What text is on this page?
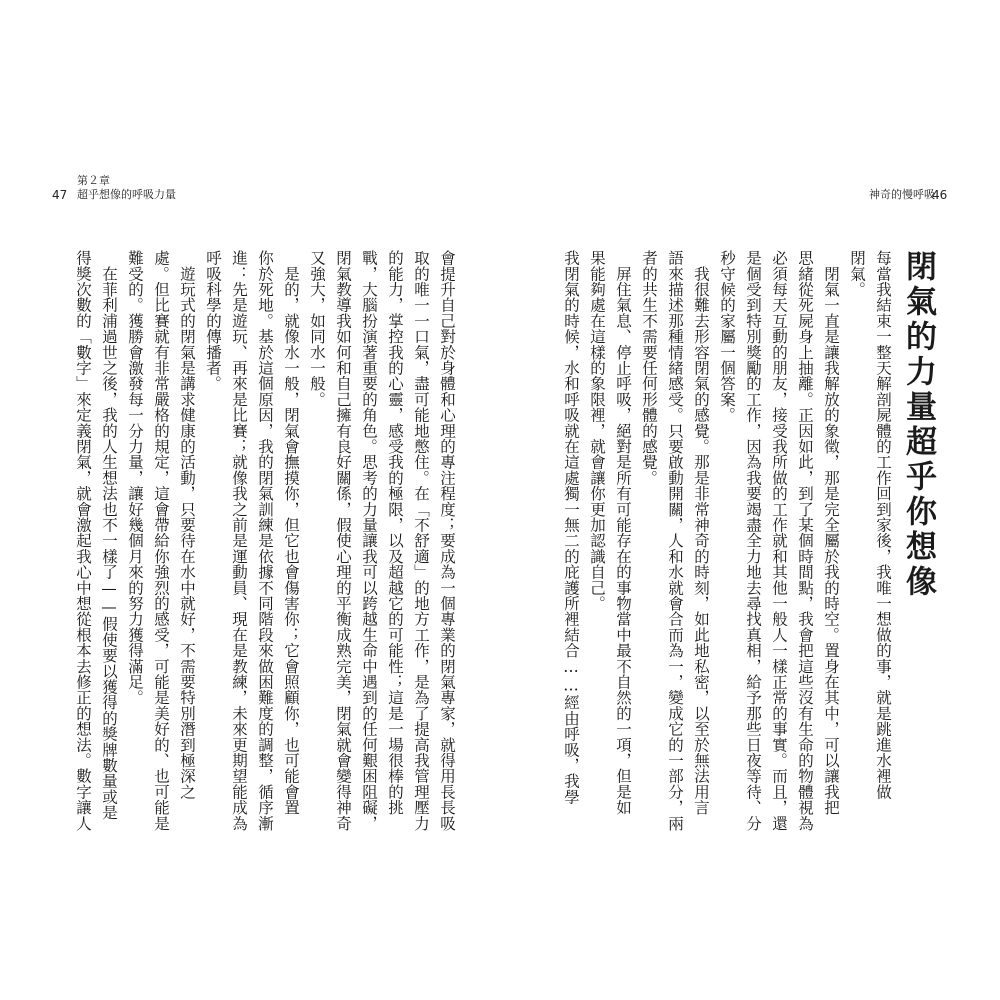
47
第２章
超乎想像的呼吸力量	神奇的慢呼吸
46
閉氣的力量超乎你想像
每當我結束一整天解剖屍體的工作回到家後，我唯一想做的事，就是跳進水裡做
閉氣。
　閉氣一直是讓我解放的象徵，那是完全屬於我的時空。置身在其中，可以讓我把
思緒從死屍身上抽離。正因如此，到了某個時間點，我會把這些沒有生命的物體視為
必須每天互動的朋友，接受我所做的工作就和其他一般人一樣正常的事實。而且，還
是個受到特別獎勵的工作，因為我要竭盡全力地去尋找真相，給予那些日夜等待、分
秒守候的家屬一個答案。
　我很難去形容閉氣的感覺。那是非常神奇的時刻，如此地私密，以至於無法用言
語來描述那種情緒感受。只要啟動開關，人和水就會合而為一，變成它的一部分，兩
者的共生不需要任何形體的感覺。
　屏住氣息、停止呼吸，絕對是所有可能存在的事物當中最不自然的一項，但是如
果能夠處在這樣的象限裡，就會讓你更加認識自己。
我閉氣的時候，水和呼吸就在這處獨一無二的庇護所裡結合……經由呼吸，我學
會提升自己對於身體和心理的專注程度；要成為一個專業的閉氣專家，就得用長長吸
取的唯一一口氣，盡可能地憋住。在「不舒適」的地方工作，是為了提高我管理壓力
的能力，掌控我的心靈，感受我的極限，以及超越它的可能性；這是一場很棒的挑
戰，大腦扮演著重要的角色。思考的力量讓我可以跨越生命中遇到的任何艱困阻礙，
閉氣教導我如何和自己擁有良好關係，假使心理的平衡成熟完美，閉氣就會變得神奇
又強大，如同水一般。
　是的，就像水一般，閉氣會撫摸你，但它也會傷害你；它會照顧你，也可能會置
你於死地。基於這個原因，我的閉氣訓練是依據不同階段來做困難度的調整，循序漸
進：先是遊玩、再來是比賽；就像我之前是運動員、現在是教練，未來更期望能成為
呼吸科學的傳播者。
　遊玩式的閉氣是講求健康的活動，只要待在水中就好，不需要特別潛到極深之
處。但比賽就有非常嚴格的規定，這會帶給你強烈的感受，可能是美好的、也可能是
難受的。獲勝會激發每一分力量，讓好幾個月來的努力獲得滿足。
　在菲利浦過世之後，我的人生想法也不一樣了——假使要以獲得的獎牌數量或是
得獎次數的「數字」來定義閉氣，就會激起我心中想從根本去修正的想法。數字讓人
